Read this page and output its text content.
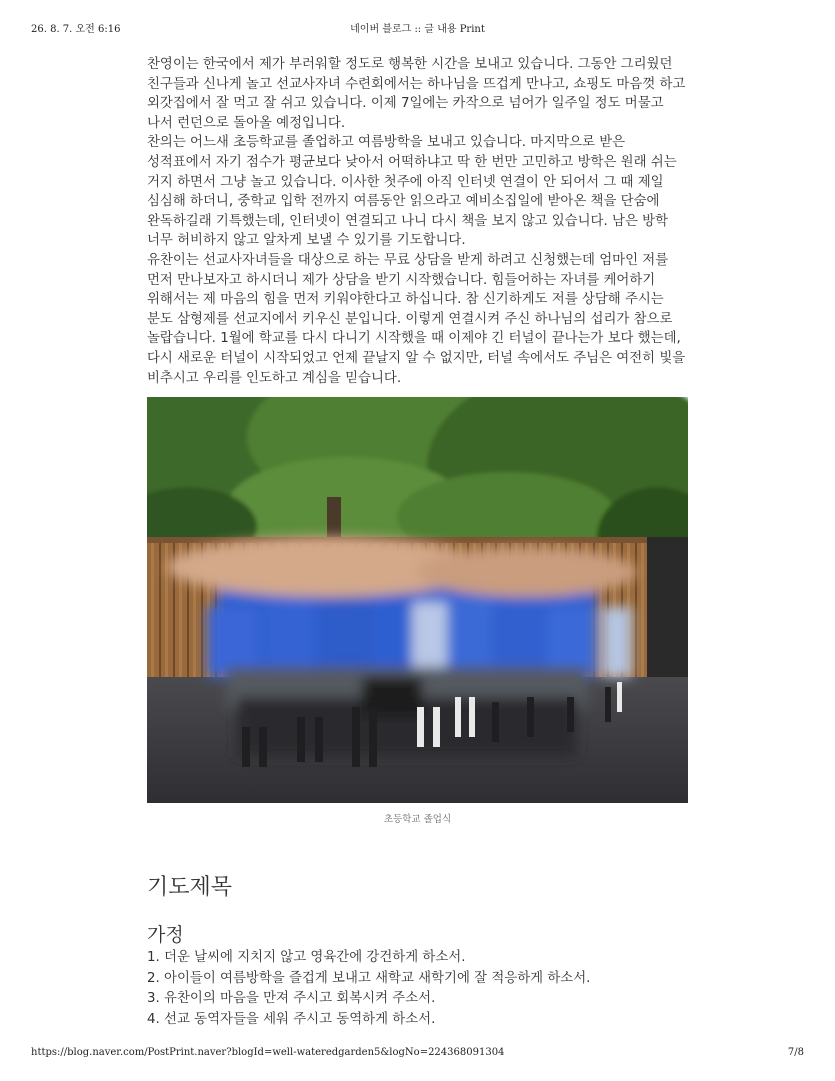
26. 8. 7. 오전 6:16	네이버 블로그 :: 글 내용 Print

찬영이는 한국에서 제가 부러워할 정도로 행복한 시간을 보내고 있습니다. 그동안 그리웠던 친구들과 신나게 놀고 선교사자녀 수련회에서는 하나님을 뜨겁게 만나고, 쇼핑도 마음껏 하고 외갓집에서 잘 먹고 잘 쉬고 있습니다. 이제 7일에는 카작으로 넘어가 일주일 정도 머물고 나서 런던으로 돌아올 예정입니다.

찬의는 어느새 초등학교를 졸업하고 여름방학을 보내고 있습니다. 마지막으로 받은 성적표에서 자기 점수가 평균보다 낮아서 어떡하냐고 딱 한 번만 고민하고 방학은 원래 쉬는 거지 하면서 그냥 놀고 있습니다. 이사한 첫주에 아직 인터넷 연결이 안 되어서 그 때 제일 심심해 하더니, 중학교 입학 전까지 여름동안 읽으라고 예비소집일에 받아온 책을 단숨에 완독하길래 기특했는데, 인터넷이 연결되고 나니 다시 책을 보지 않고 있습니다. 남은 방학 너무 허비하지 않고 알차게 보낼 수 있기를 기도합니다.

유찬이는 선교사자녀들을 대상으로 하는 무료 상담을 받게 하려고 신청했는데 엄마인 저를 먼저 만나보자고 하시더니 제가 상담을 받기 시작했습니다. 힘들어하는 자녀를 케어하기 위해서는 제 마음의 힘을 먼저 키워야한다고 하십니다. 참 신기하게도 저를 상담해 주시는 분도 삼형제를 선교지에서 키우신 분입니다. 이렇게 연결시켜 주신 하나님의 섭리가 참으로 놀랍습니다. 1월에 학교를 다시 다니기 시작했을 때 이제야 긴 터널이 끝나는가 보다 했는데, 다시 새로운 터널이 시작되었고 언제 끝날지 알 수 없지만, 터널 속에서도 주님은 여전히 빛을 비추시고 우리를 인도하고 계심을 믿습니다.

초등학교 졸업식
기도제목
가정
1. 더운 날씨에 지치지 않고 영육간에 강건하게 하소서.
2. 아이들이 여름방학을 즐겁게 보내고 새학교 새학기에 잘 적응하게 하소서.
3. 유찬이의 마음을 만져 주시고 회복시켜 주소서.
4. 선교 동역자들을 세워 주시고 동역하게 하소서.
https://blog.naver.com/PostPrint.naver?blogId=well-wateredgarden5&logNo=224368091304	7/8
